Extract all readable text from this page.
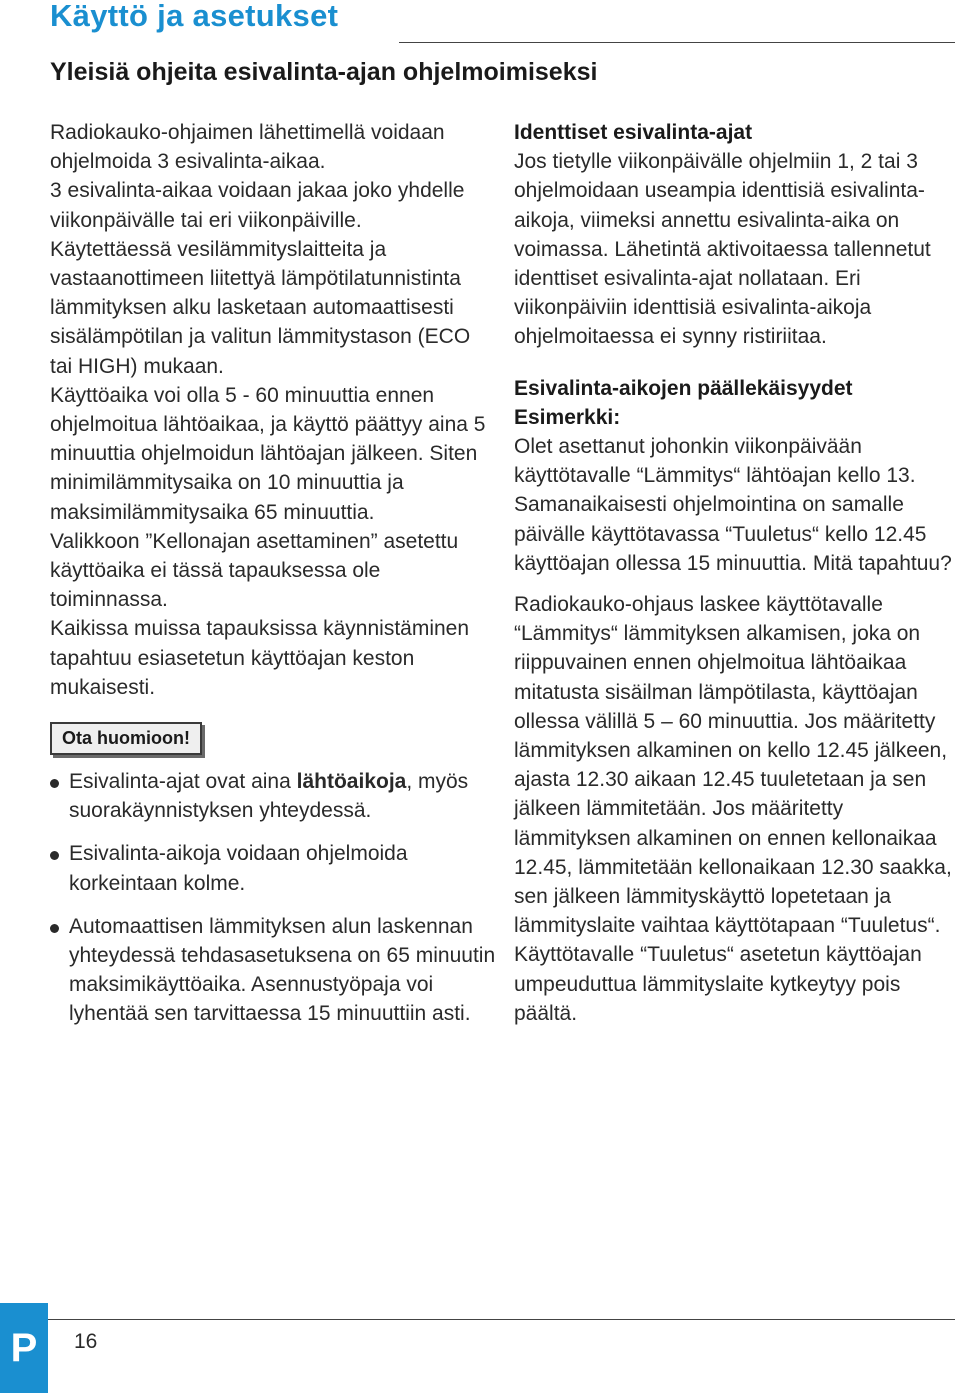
Käyttö ja asetukset
Yleisiä ohjeita esivalinta-ajan ohjelmoimiseksi

Radiokauko-ohjaimen lähettimellä voidaan ohjelmoida 3 esivalinta-aikaa.

3 esivalinta-aikaa voidaan jakaa joko yhdelle viikonpäivälle tai eri viikonpäiville.

Käytettäessä vesilämmityslaitteita ja vastaanottimeen liitettyä lämpötilatunnistinta lämmityksen alku lasketaan automaattisesti sisälämpötilan ja valitun lämmitystason (ECO tai HIGH) mukaan.

Käyttöaika voi olla 5 - 60 minuuttia ennen ohjelmoitua lähtöaikaa, ja käyttö päättyy aina 5 minuuttia ohjelmoidun lähtöajan jälkeen. Siten minimilämmitysaika on 10 minuuttia ja maksimilämmitysaika 65 minuuttia.

Valikkoon ”Kellonajan asettaminen” asetettu käyttöaika ei tässä tapauksessa ole toiminnassa.

Kaikissa muissa tapauksissa käynnistäminen tapahtuu esiasetetun käyttöajan keston mukaisesti.

Ota huomioon!
Esivalinta-ajat ovat aina lähtöaikoja, myös suorakäynnistyksen yhteydessä.
Esivalinta-aikoja voidaan ohjelmoida korkeintaan kolme.
Automaattisen lämmityksen alun laskennan yhteydessä tehdasasetuksena on 65 minuutin maksimikäyttöaika. Asennustyöpaja voi lyhentää sen tarvittaessa 15 minuuttiin asti.

Identtiset esivalinta-ajat

Jos tietylle viikonpäivälle ohjelmiin 1, 2 tai 3 ohjelmoidaan useampia identtisiä esivalinta-aikoja, viimeksi annettu esivalinta-aika on voimassa. Lähetintä aktivoitaessa tallennetut identtiset esivalinta-ajat nollataan. Eri viikonpäiviin identtisiä esivalinta-aikoja ohjelmoitaessa ei synny ristiriitaa.

Esivalinta-aikojen päällekäisyydet

Esimerkki:

Olet asettanut johonkin viikonpäivään käyttötavalle “Lämmitys“ lähtöajan kello 13. Samanaikaisesti ohjelmointina on samalle päivälle käyttötavassa “Tuuletus“ kello 12.45 käyttöajan ollessa 15 minuuttia. Mitä tapahtuu?

Radiokauko-ohjaus laskee käyttötavalle “Lämmitys“ lämmityksen alkamisen, joka on riippuvainen ennen ohjelmoitua lähtöaikaa mitatusta sisäilman lämpötilasta, käyttöajan ollessa välillä 5 – 60 minuuttia. Jos määritetty lämmityksen alkaminen on kello 12.45 jälkeen, ajasta 12.30 aikaan 12.45 tuuletetaan ja sen jälkeen lämmitetään. Jos määritetty lämmityksen alkaminen on ennen kellonaikaa 12.45, lämmitetään kellonaikaan 12.30 saakka, sen jälkeen lämmityskäyttö lopetetaan ja lämmityslaite vaihtaa käyttötapaan “Tuuletus“. Käyttötavalle “Tuuletus“ asetetun käyttöajan umpeuduttua lämmityslaite kytkeytyy pois päältä.

P	16
